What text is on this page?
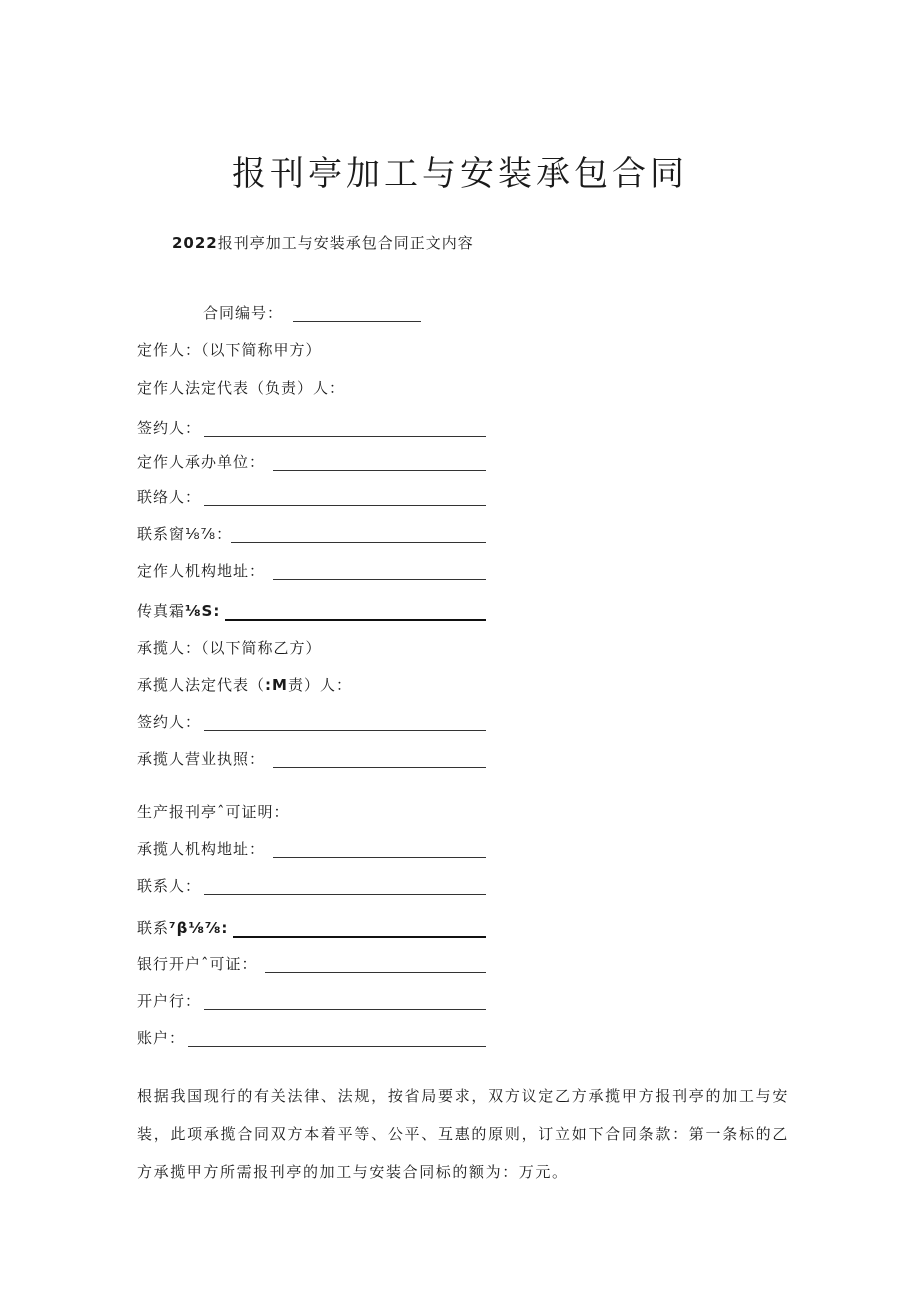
报刊亭加工与安装承包合同
2022报刊亭加工与安装承包合同正文内容
合同编号：
定作人：（以下简称甲方）
定作人法定代表（负责）人：
签约人：
定作人承办单位：
联络人：
联系窗⅛⅞：
定作人机构地址：
传真霜⅛S:
承揽人：（以下简称乙方）
承揽人法定代表（:M责）人：
签约人：
承揽人营业执照：
生产报刊亭ˆ可证明：
承揽人机构地址：
联系人：
联系⁷β⅛⅞:
银行开户ˆ可证：
开户行：
账户：

根据我国现行的有关法律、法规，按省局要求，双方议定乙方承揽甲方报刊亭的加工与安装，此项承揽合同双方本着平等、公平、互惠的原则，订立如下合同条款：第一条标的乙方承揽甲方所需报刊亭的加工与安装合同标的额为：万元。
